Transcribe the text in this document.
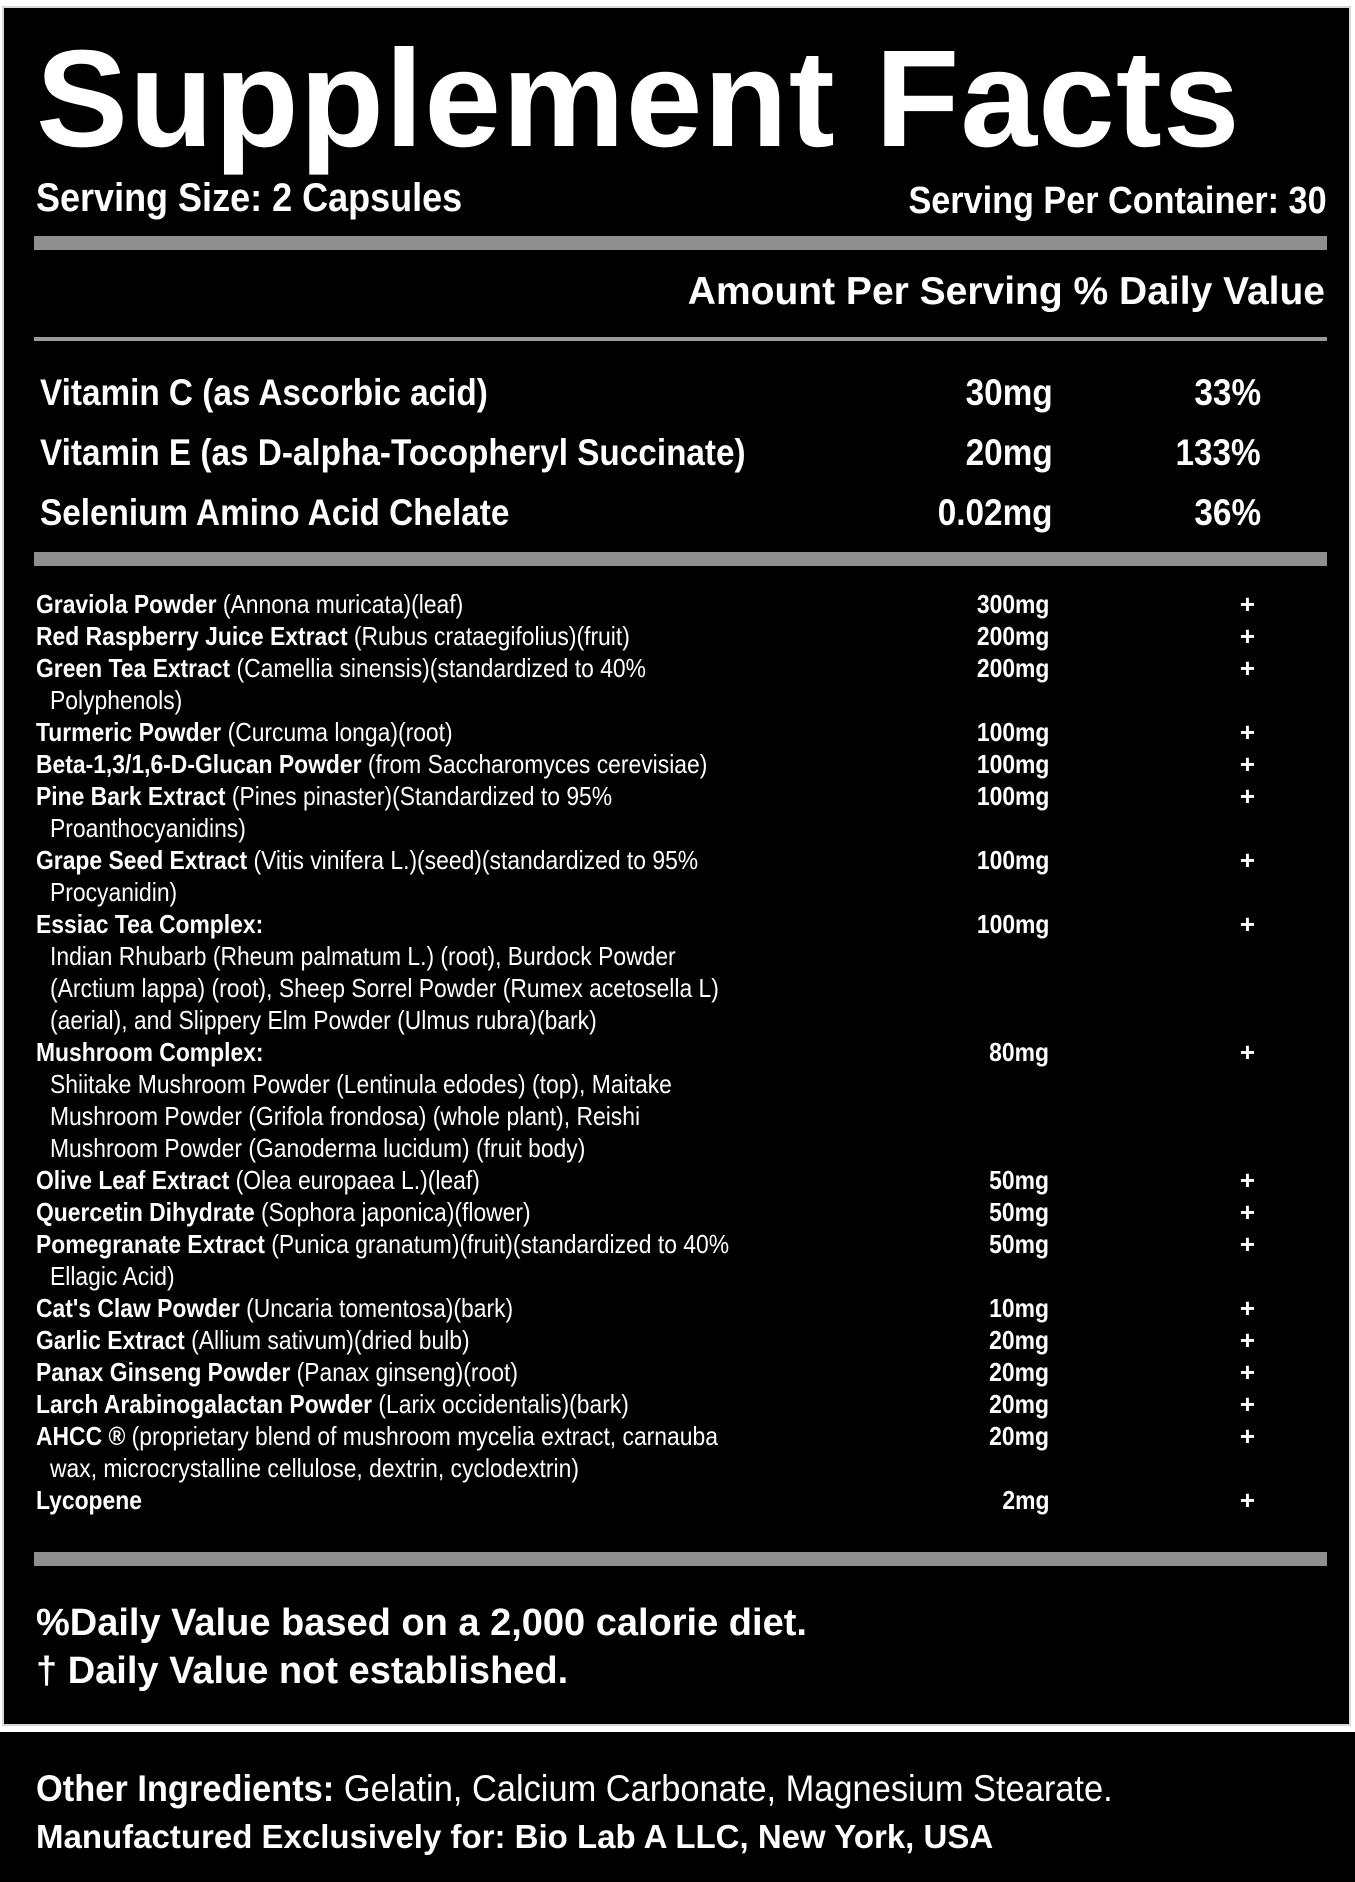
Supplement Facts
Serving Size: 2 Capsules	Serving Per Container: 30
Amount Per Serving % Daily Value
Vitamin C (as Ascorbic acid)	30mg	33%
Vitamin E (as D-alpha-Tocopheryl Succinate)	20mg	133%
Selenium Amino Acid Chelate	0.02mg	36%
Graviola Powder (Annona muricata)(leaf)	300mg	+
Red Raspberry Juice Extract (Rubus crataegifolius)(fruit)	200mg	+
Green Tea Extract (Camellia sinensis)(standardized to 40%	200mg	+
Polyphenols)
Turmeric Powder (Curcuma longa)(root)	100mg	+
Beta-1,3/1,6-D-Glucan Powder (from Saccharomyces cerevisiae)	100mg	+
Pine Bark Extract (Pines pinaster)(Standardized to 95%	100mg	+
Proanthocyanidins)
Grape Seed Extract (Vitis vinifera L.)(seed)(standardized to 95%	100mg	+
Procyanidin)
Essiac Tea Complex:	100mg	+
Indian Rhubarb (Rheum palmatum L.) (root), Burdock Powder
(Arctium lappa) (root), Sheep Sorrel Powder (Rumex acetosella L)
(aerial), and Slippery Elm Powder (Ulmus rubra)(bark)
Mushroom Complex:	80mg	+
Shiitake Mushroom Powder (Lentinula edodes) (top), Maitake
Mushroom Powder (Grifola frondosa) (whole plant), Reishi
Mushroom Powder (Ganoderma lucidum) (fruit body)
Olive Leaf Extract (Olea europaea L.)(leaf)	50mg	+
Quercetin Dihydrate (Sophora japonica)(flower)	50mg	+
Pomegranate Extract (Punica granatum)(fruit)(standardized to 40%	50mg	+
Ellagic Acid)
Cat's Claw Powder (Uncaria tomentosa)(bark)	10mg	+
Garlic Extract (Allium sativum)(dried bulb)	20mg	+
Panax Ginseng Powder (Panax ginseng)(root)	20mg	+
Larch Arabinogalactan Powder (Larix occidentalis)(bark)	20mg	+
AHCC ® (proprietary blend of mushroom mycelia extract, carnauba	20mg	+
wax, microcrystalline cellulose, dextrin, cyclodextrin)
Lycopene	2mg	+
%Daily Value based on a 2,000 calorie diet.
† Daily Value not established.
Other Ingredients: Gelatin, Calcium Carbonate, Magnesium Stearate.
Manufactured Exclusively for: Bio Lab A LLC, New York, USA
